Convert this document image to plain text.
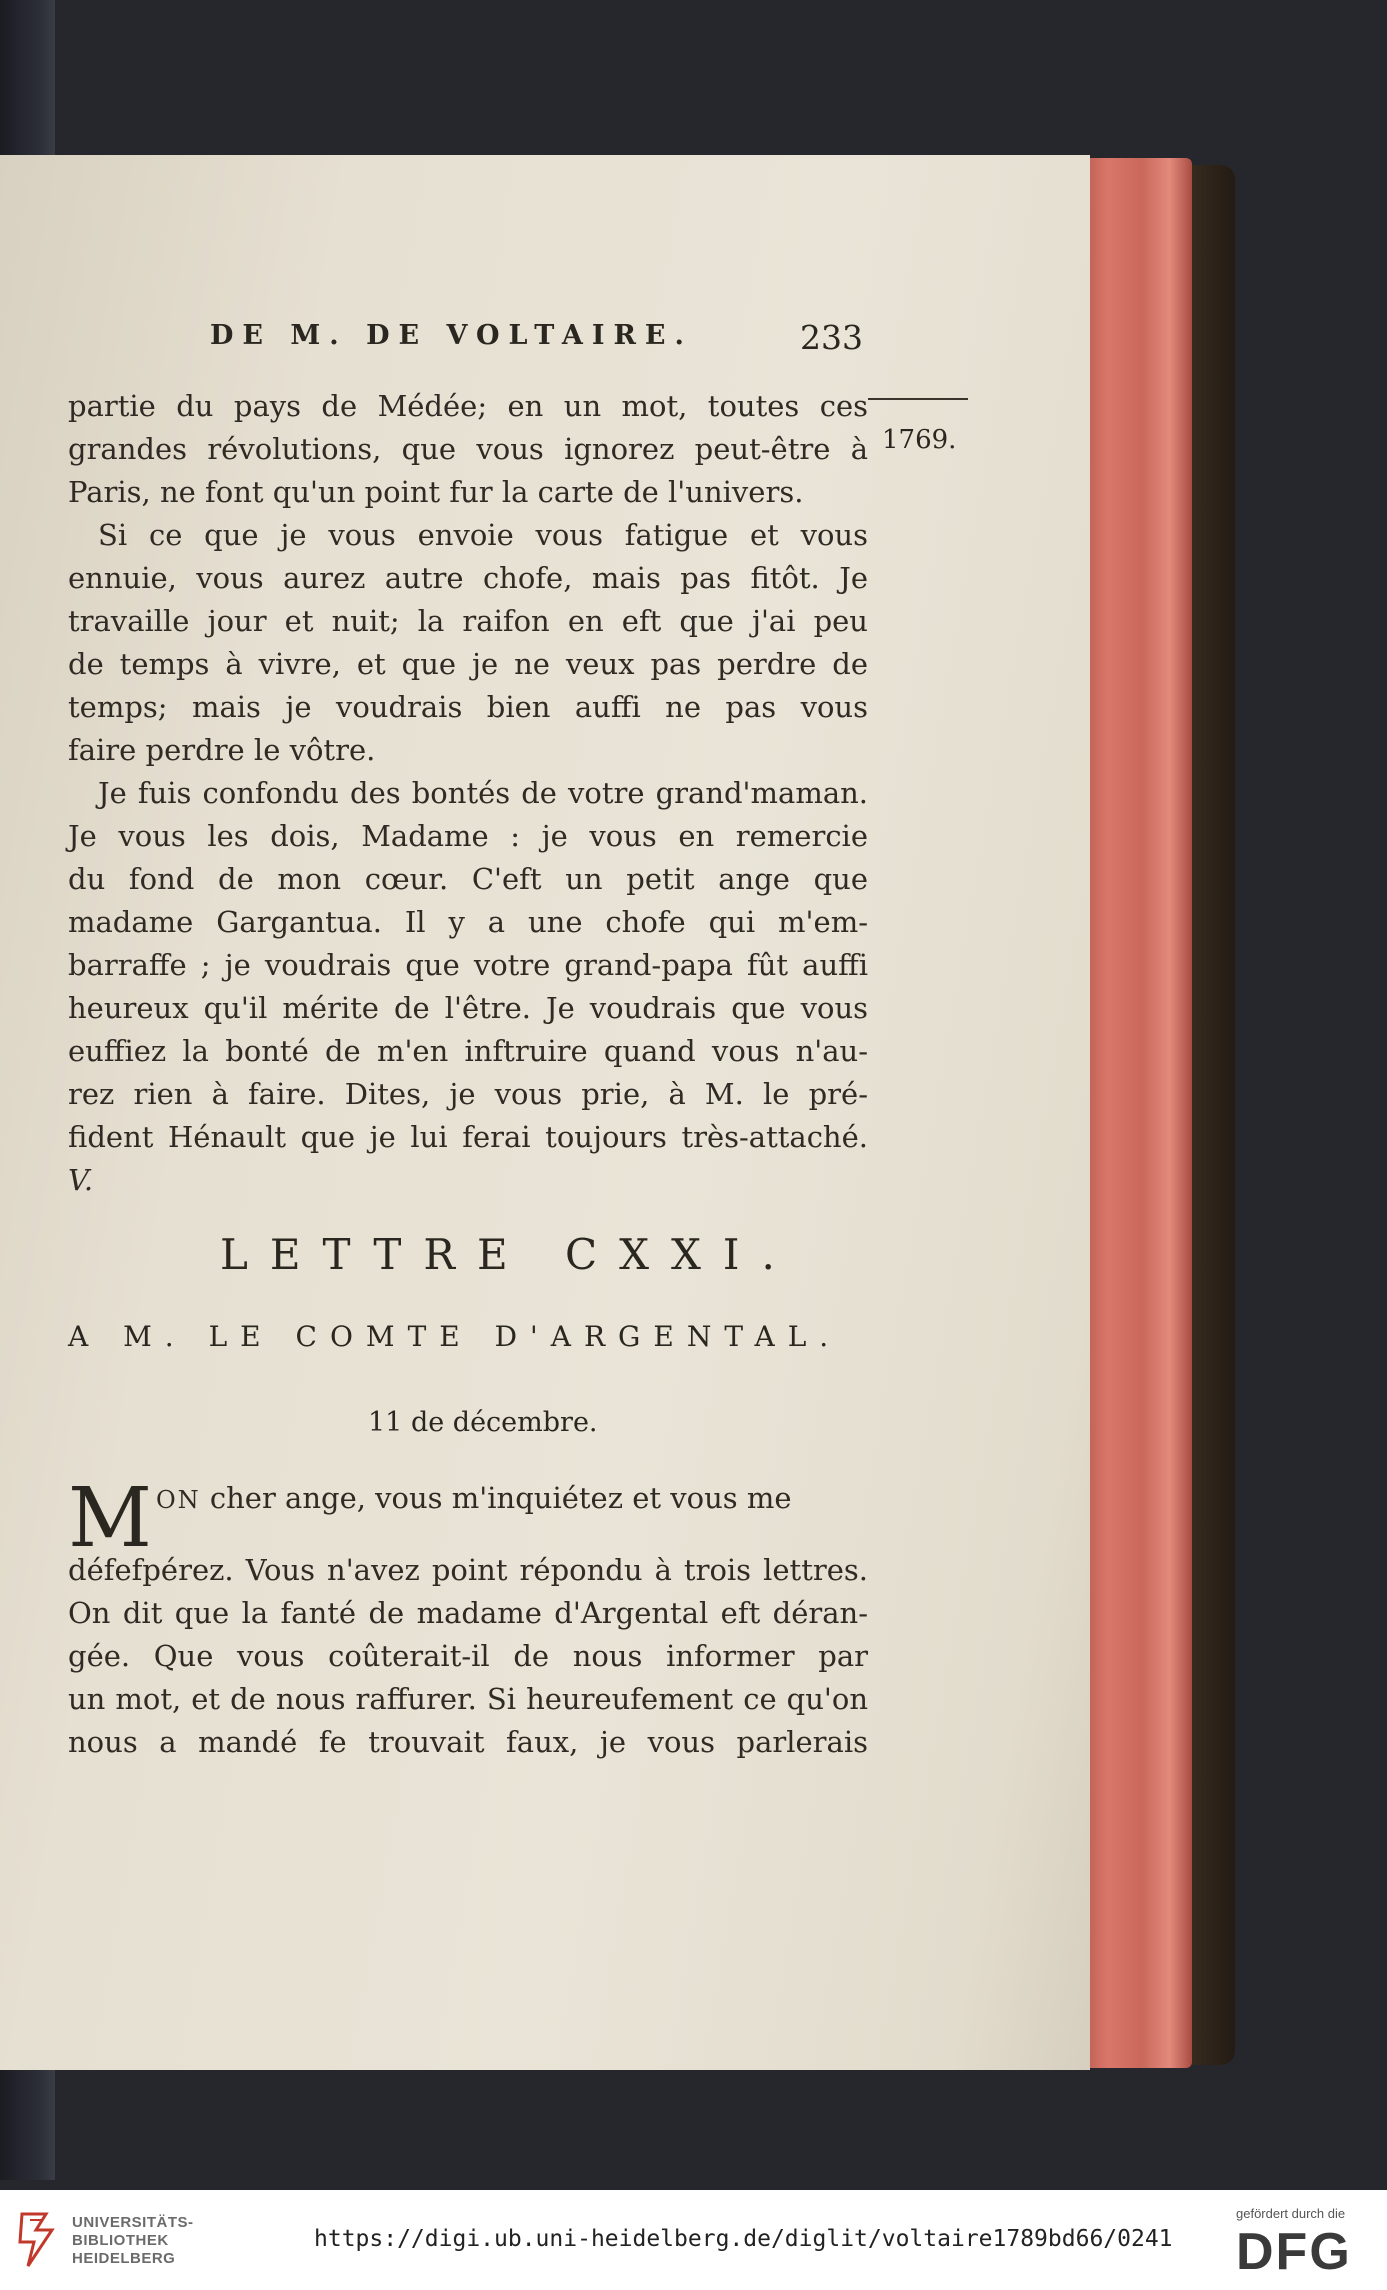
DE M. DE VOLTAIRE.	233
1769.
partie du pays de Médée; en un mot, toutes ces
grandes révolutions, que vous ignorez peut-être à
Paris, ne font qu'un point fur la carte de l'univers.
Si ce que je vous envoie vous fatigue et vous
ennuie, vous aurez autre chofe, mais pas fitôt. Je
travaille jour et nuit; la raifon en eft que j'ai peu
de temps à vivre, et que je ne veux pas perdre de
temps; mais je voudrais bien auffi ne pas vous
faire perdre le vôtre.
Je fuis confondu des bontés de votre grand'maman.
Je vous les dois, Madame : je vous en remercie
du fond de mon cœur. C'eft un petit ange que
madame Gargantua. Il y a une chofe qui m'em-
barraffe ; je voudrais que votre grand-papa fût auffi
heureux qu'il mérite de l'être. Je voudrais que vous
euffiez la bonté de m'en inftruire quand vous n'au-
rez rien à faire. Dites, je vous prie, à M. le pré-
fident Hénault que je lui ferai toujours très-attaché.
V.
LETTRE CXXI.
A M. LE COMTE D'ARGENTAL.
11 de décembre.
M ON cher ange, vous m'inquiétez et vous me
défefpérez. Vous n'avez point répondu à trois lettres.
On dit que la fanté de madame d'Argental eft déran-
gée. Que vous coûterait-il de nous informer par
un mot, et de nous raffurer. Si heureufement ce qu'on
nous a mandé fe trouvait faux, je vous parlerais
UNIVERSITÄTS-
BIBLIOTHEK
HEIDELBERG
https://digi.ub.uni-heidelberg.de/diglit/voltaire1789bd66/0241
gefördert durch die
DFG
